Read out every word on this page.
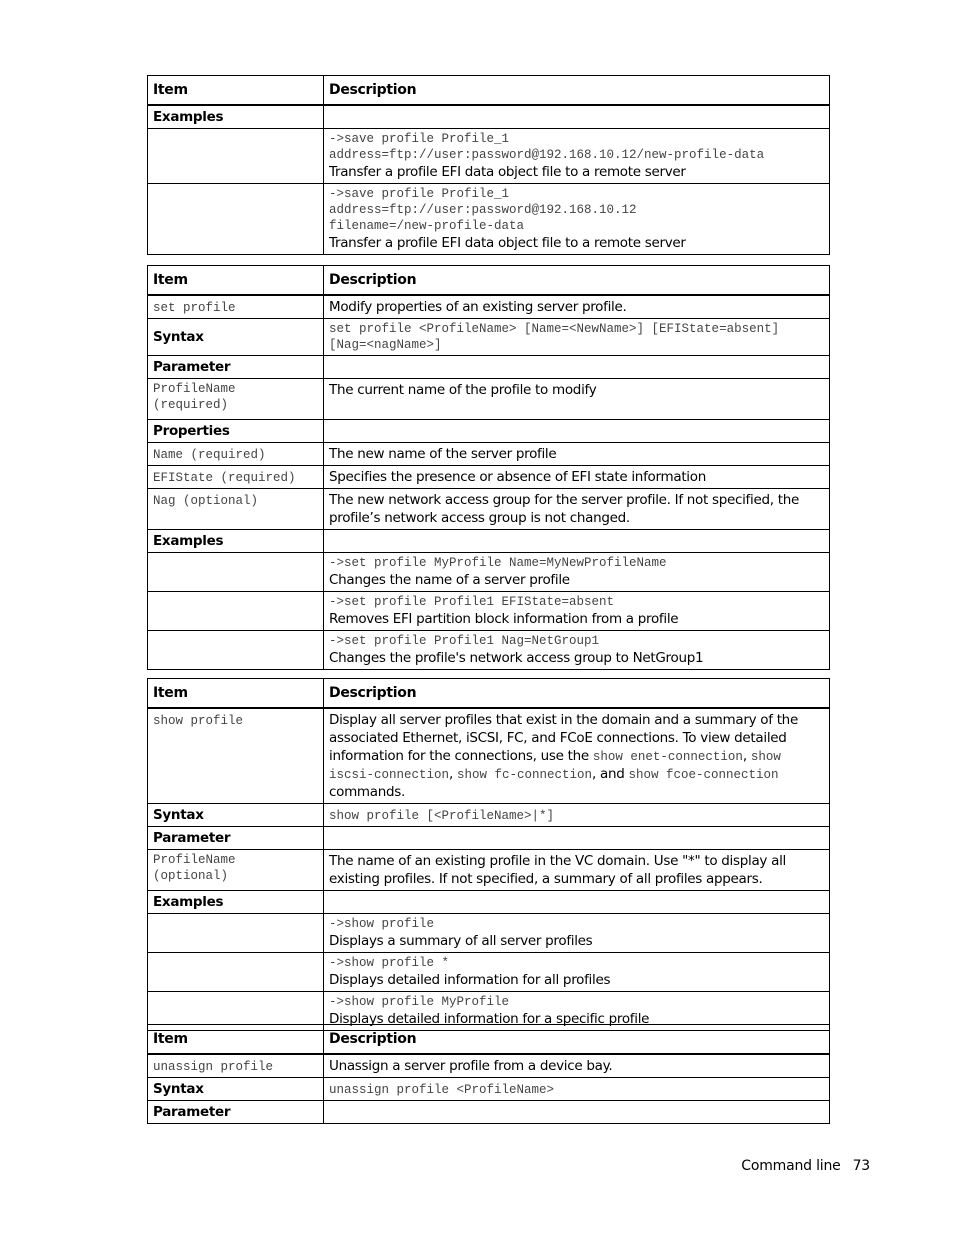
Item	Description
Examples	

	->save profile Profile_1
address=ftp://user:password@192.168.10.12/new-profile-data
Transfer a profile EFI data object file to a remote server

	->save profile Profile_1
address=ftp://user:password@192.168.10.12
filename=/new-profile-data
Transfer a profile EFI data object file to a remote server
Item	Description
set profile	Modify properties of an existing server profile.
Syntax	set profile <ProfileName> [Name=<NewName>] [EFIState=absent]
[Nag=<nagName>]

Parameter	

ProfileName
(required)	The current name of the profile to modify
Properties	
Name (required)	The new name of the server profile
EFIState (required)	Specifies the presence or absence of EFI state information
Nag (optional)	The new network access group for the server profile. If not specified, the profile’s network access group is not changed.
Examples	

	->set profile MyProfile Name=MyNewProfileName
Changes the name of a server profile

	->set profile Profile1 EFIState=absent
Removes EFI partition block information from a profile

	->set profile Profile1 Nag=NetGroup1
Changes the profile's network access group to NetGroup1
Item	Description
show profile	Display all server profiles that exist in the domain and a summary of the associated Ethernet, iSCSI, FC, and FCoE connections. To view detailed information for the connections, use the show enet-connection, show iscsi-connection, show fc-connection, and show fcoe-connection commands.
Syntax	show profile [<ProfileName>|*]
Parameter	

ProfileName
(optional)	The name of an existing profile in the VC domain. Use "*" to display all existing profiles. If not specified, a summary of all profiles appears.
Examples	

	->show profile
Displays a summary of all server profiles

	->show profile *
Displays detailed information for all profiles

	->show profile MyProfile
Displays detailed information for a specific profile
Item	Description
unassign profile	Unassign a server profile from a device bay.
Syntax	unassign profile <ProfileName>
Parameter	
Command line 73
